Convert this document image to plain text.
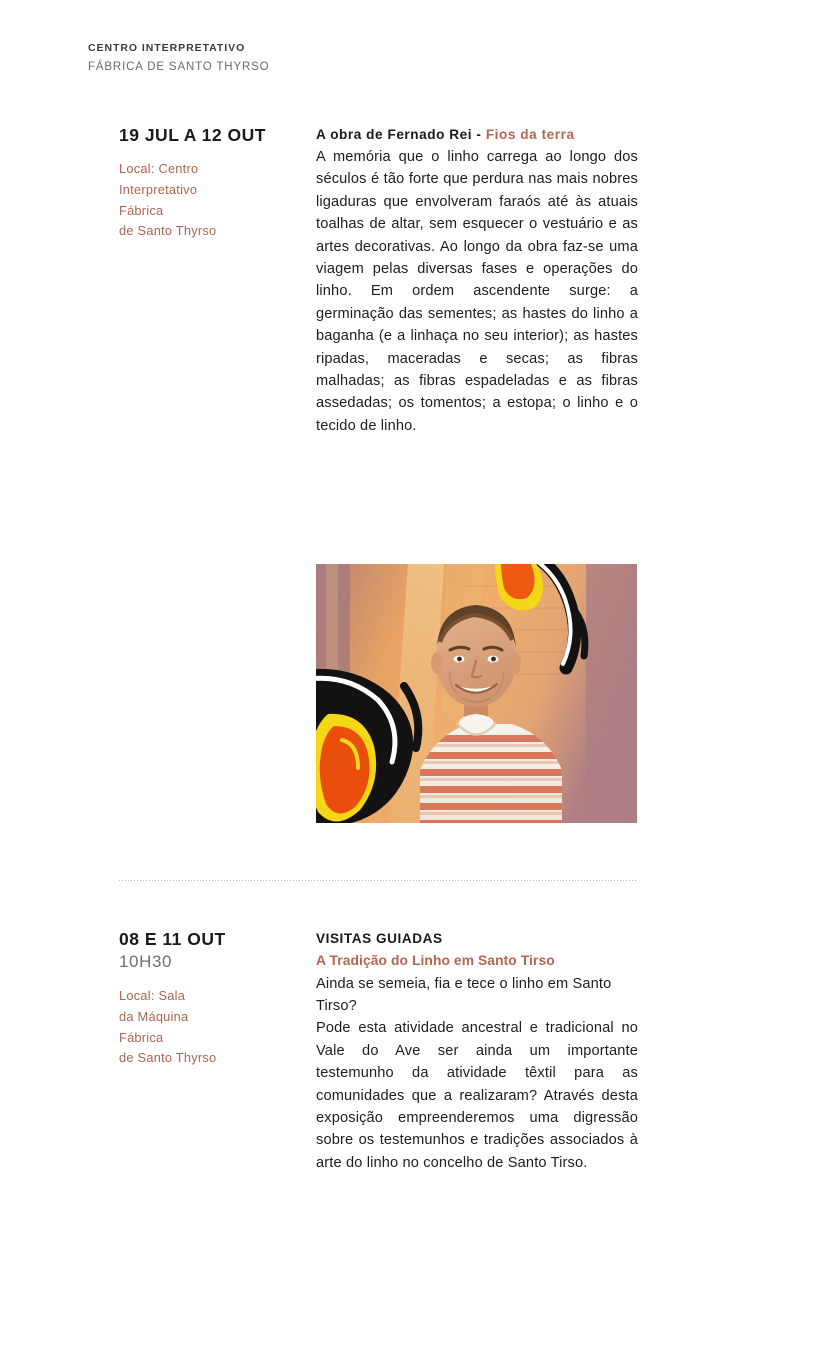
CENTRO INTERPRETATIVO
FÁBRICA DE SANTO THYRSO
19 JUL A 12 OUT
Local: Centro
Interpretativo
Fábrica
de Santo Thyrso
A obra de Fernado Rei - Fios da terra
A memória que o linho carrega ao longo dos séculos é tão forte que perdura nas mais nobres ligaduras que envolveram faraós até às atuais toalhas de altar, sem esquecer o vestuário e as artes decorativas. Ao longo da obra faz-se uma viagem pelas diversas fases e operações do linho. Em ordem ascendente surge: a germinação das sementes; as hastes do linho a baganha (e a linhaça no seu interior); as hastes ripadas, maceradas e secas; as fibras malhadas; as fibras espadeladas e as fibras assedadas; os tomentos; a estopa; o linho e o tecido de linho.
08 E 11 OUT
10H30
Local: Sala
da Máquina
Fábrica
de Santo Thyrso
VISITAS GUIADAS
A Tradição do Linho em Santo Tirso
Ainda se semeia, fia e tece o linho em Santo Tirso?
Pode esta atividade ancestral e tradicional no Vale do Ave ser ainda um importante testemunho da atividade têxtil para as comunidades que a realizaram? Através desta exposição empreenderemos uma digressão sobre os testemunhos e tradições associados à arte do linho no concelho de Santo Tirso.
